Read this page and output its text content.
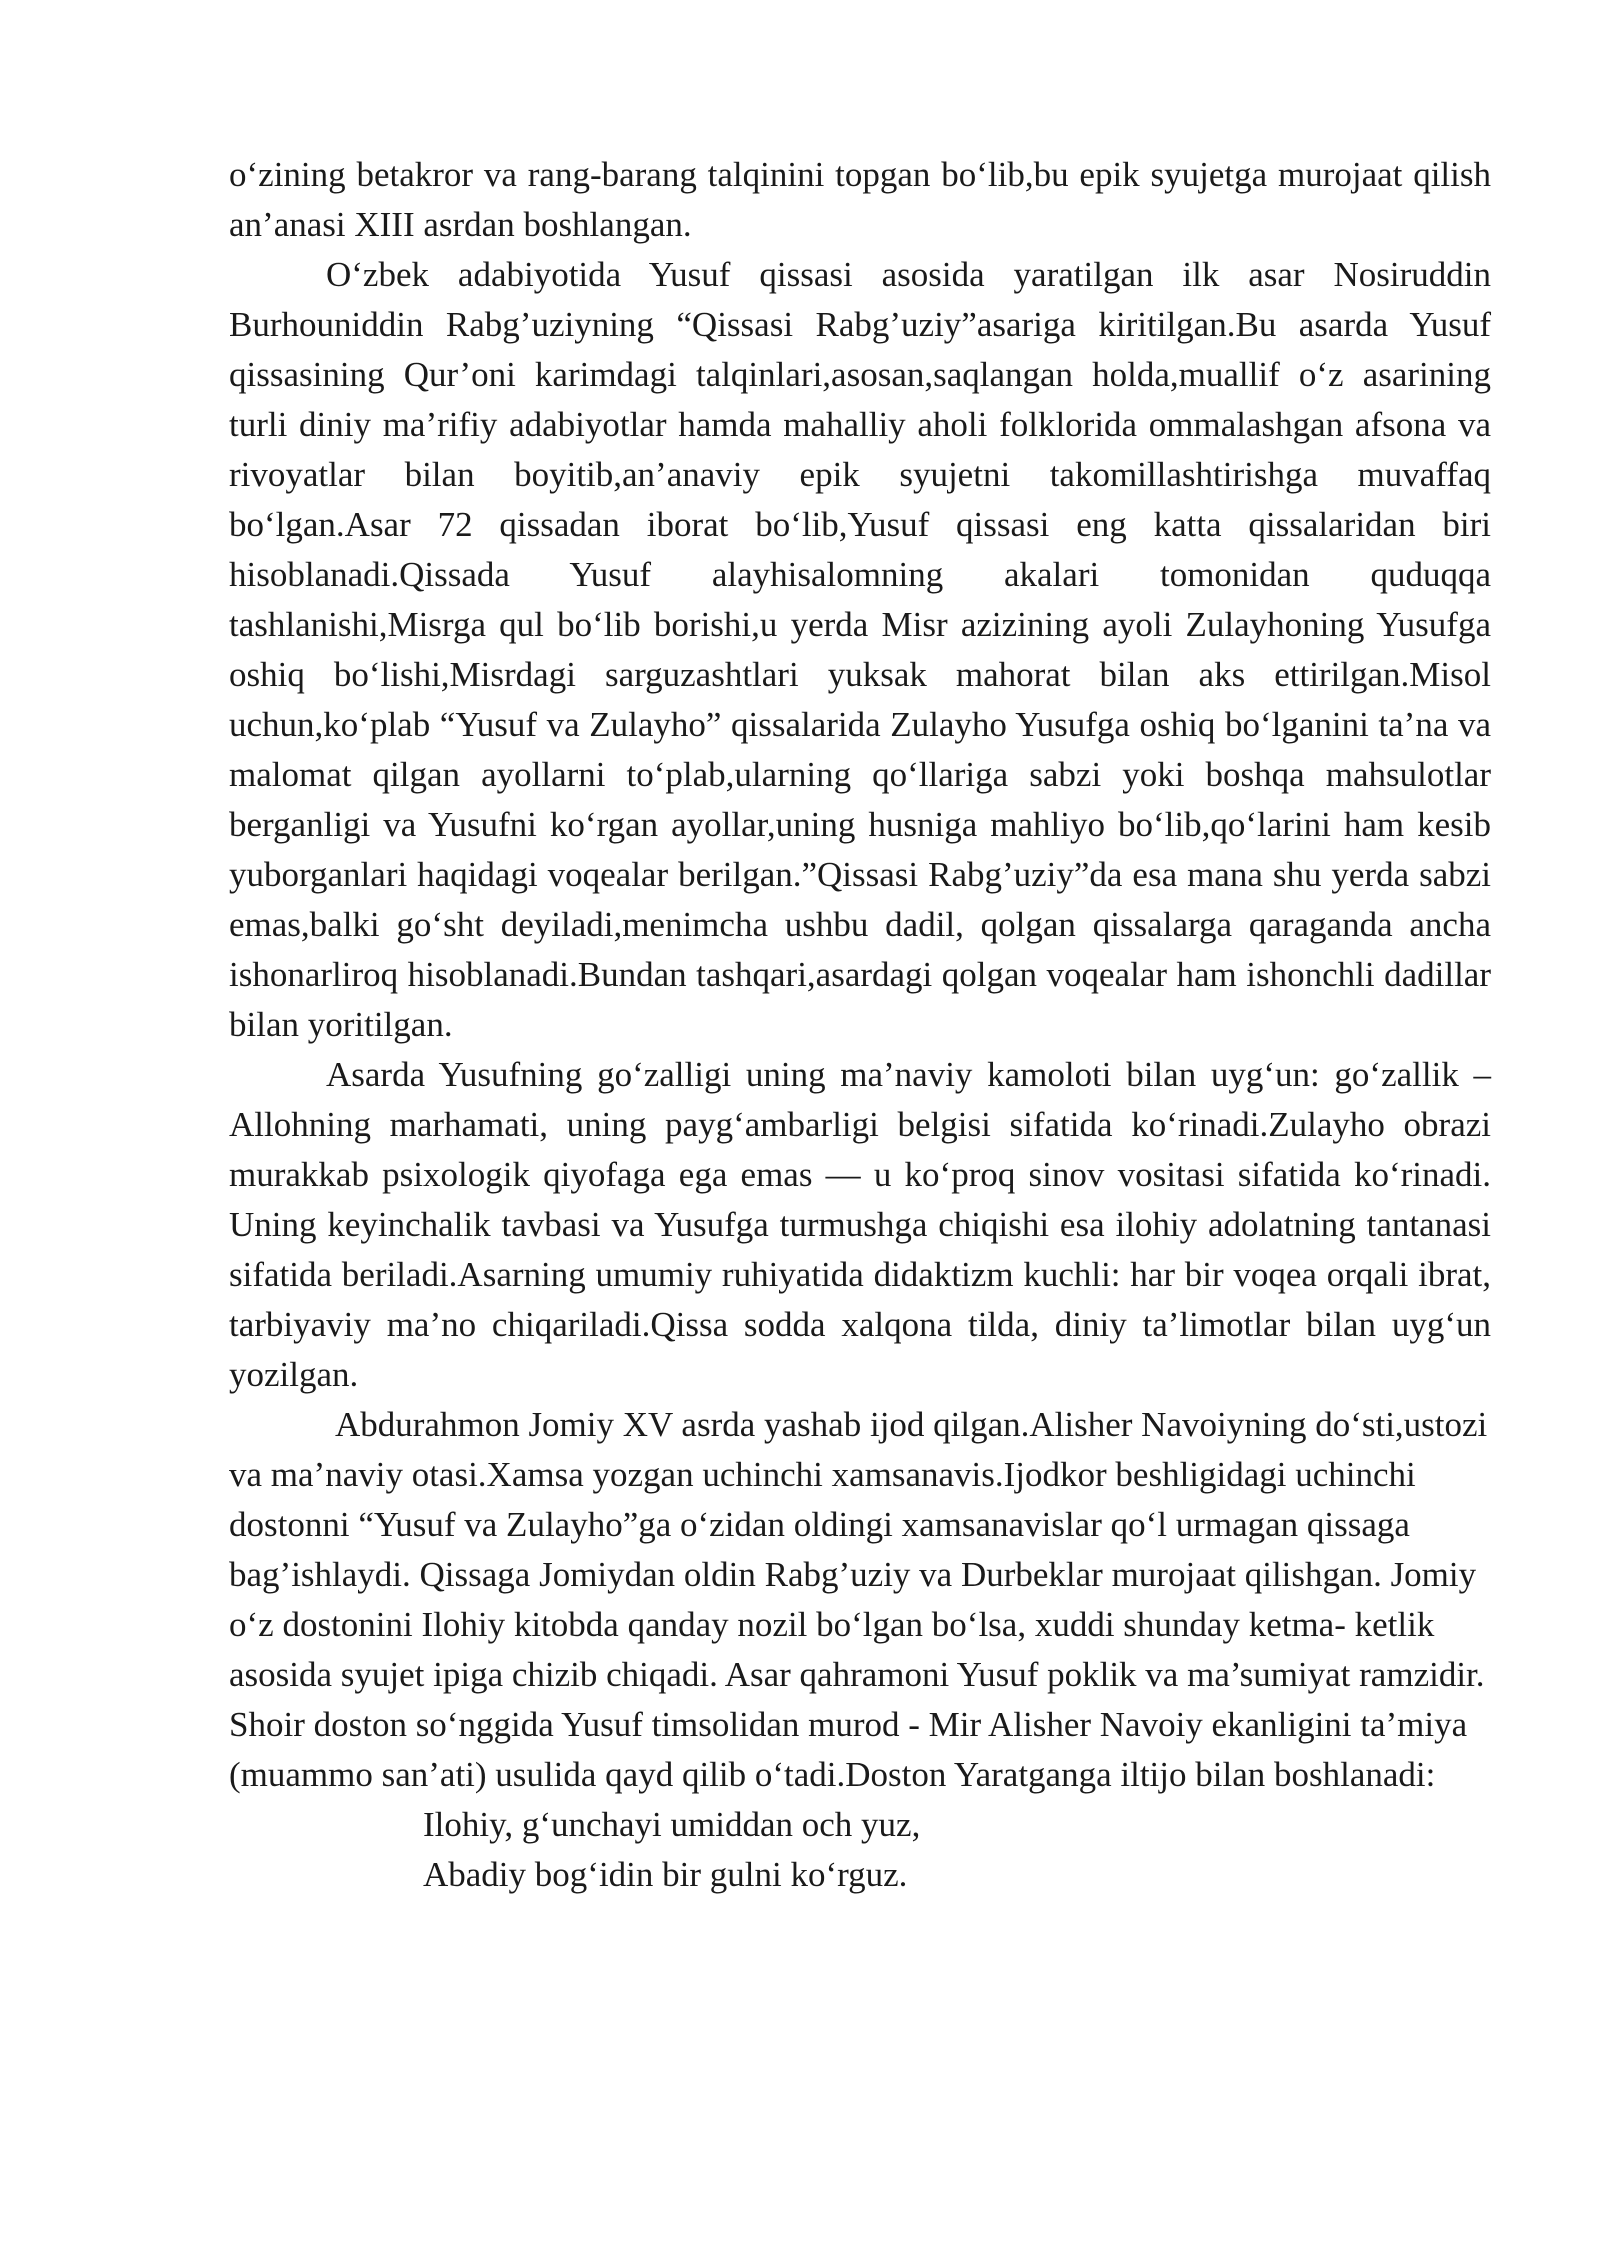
o‘zining betakror va rang-barang talqinini topgan bo‘lib,bu epik syujetga murojaat qilish an’anasi XIII asrdan boshlangan.

O‘zbek adabiyotida Yusuf qissasi asosida yaratilgan ilk asar Nosiruddin Burhouniddin Rabg’uziyning “Qissasi Rabg’uziy”asariga kiritilgan.Bu asarda Yusuf qissasining Qur’oni karimdagi talqinlari,asosan,saqlangan holda,muallif o‘z asarining turli diniy ma’rifiy adabiyotlar hamda mahalliy aholi folklorida ommalashgan afsona va rivoyatlar bilan boyitib,an’anaviy epik syujetni takomillashtirishga muvaffaq bo‘lgan.Asar 72 qissadan iborat bo‘lib,Yusuf qissasi eng katta qissalaridan biri hisoblanadi.Qissada Yusuf alayhisalomning akalari tomonidan quduqqa tashlanishi,Misrga qul bo‘lib borishi,u yerda Misr azizining ayoli Zulayhoning Yusufga oshiq bo‘lishi,Misrdagi sarguzashtlari yuksak mahorat bilan aks ettirilgan.Misol uchun,ko‘plab “Yusuf va Zulayho” qissalarida Zulayho Yusufga oshiq bo‘lganini ta’na va malomat qilgan ayollarni to‘plab,ularning qo‘llariga sabzi yoki boshqa mahsulotlar berganligi va Yusufni ko‘rgan ayollar,uning husniga mahliyo bo‘lib,qo‘larini ham kesib yuborganlari haqidagi voqealar berilgan.”Qissasi Rabg’uziy”da esa mana shu yerda sabzi emas,balki go‘sht deyiladi,menimcha ushbu dadil, qolgan qissalarga qaraganda ancha ishonarliroq hisoblanadi.Bundan tashqari,asardagi qolgan voqealar ham ishonchli dadillar bilan yoritilgan.

Asarda Yusufning go‘zalligi uning ma’naviy kamoloti bilan uyg‘un: go‘zallik – Allohning marhamati, uning payg‘ambarligi belgisi sifatida ko‘rinadi.Zulayho obrazi murakkab psixologik qiyofaga ega emas — u ko‘proq sinov vositasi sifatida ko‘rinadi. Uning keyinchalik tavbasi va Yusufga turmushga chiqishi esa ilohiy adolatning tantanasi sifatida beriladi.Asarning umumiy ruhiyatida didaktizm kuchli: har bir voqea orqali ibrat, tarbiyaviy ma’no chiqariladi.Qissa sodda xalqona tilda, diniy ta’limotlar bilan uyg‘un yozilgan.

Abdurahmon Jomiy XV asrda yashab ijod qilgan.Alisher Navoiyning do‘sti,ustozi va ma’naviy otasi.Xamsa yozgan uchinchi xamsanavis.Ijodkor beshligidagi uchinchi dostonni “Yusuf va Zulayho”ga o‘zidan oldingi xamsanavislar qo‘l urmagan qissaga bag’ishlaydi. Qissaga Jomiydan oldin Rabg’uziy va Durbeklar murojaat qilishgan. Jomiy o‘z dostonini Ilohiy kitobda qanday nozil bo‘lgan bo‘lsa, xuddi shunday ketma- ketlik asosida syujet ipiga chizib chiqadi. Asar qahramoni Yusuf poklik va ma’sumiyat ramzidir. Shoir doston so‘nggida Yusuf timsolidan murod - Mir Alisher Navoiy ekanligini ta’miya (muammo san’ati) usulida qayd qilib o‘tadi.Doston Yaratganga iltijo bilan boshlanadi:

Ilohiy, g‘unchayi umiddan och yuz,

Abadiy bog‘idin bir gulni ko‘rguz.
